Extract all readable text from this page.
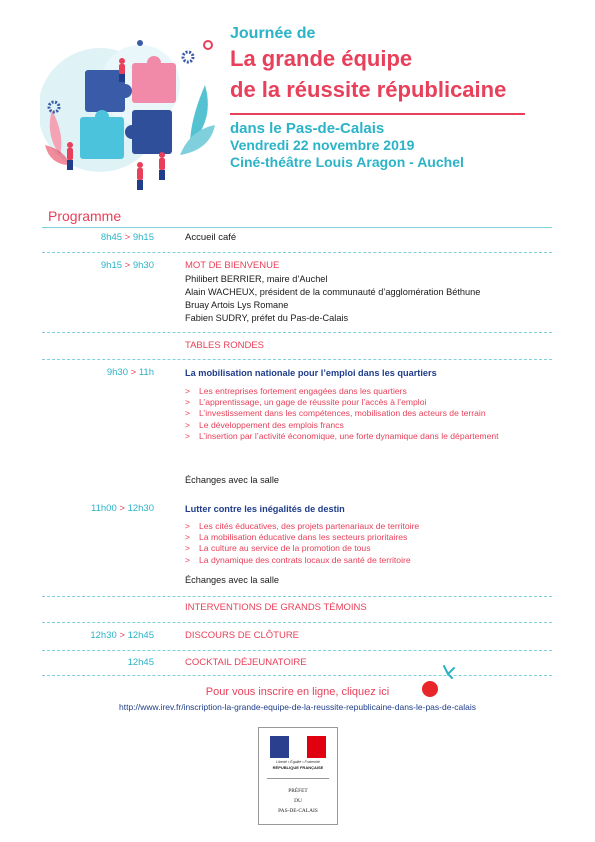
Journée de
La grande équipe
de la réussite républicaine
dans le Pas-de-Calais
Vendredi 22 novembre 2019
Ciné-théâtre Louis Aragon - Auchel
Programme
8h45 > 9h15	Accueil café
9h15 > 9h30	MOT DE BIENVENUE
Philibert BERRIER, maire d’Auchel
Alain WACHEUX, président de la communauté d’agglomération Béthune
Bruay Artois Lys Romane
Fabien SUDRY, préfet du Pas-de-Calais
TABLES RONDES
9h30 > 11h	La mobilisation nationale pour l’emploi dans les quartiers
> Les entreprises fortement engagées dans les quartiers
> L’apprentissage, un gage de réussite pour l’accès à l’emploi
> L’investissement dans les compétences, mobilisation des acteurs de terrain
> Le développement des emplois francs
> L’insertion par l’activité économique, une forte dynamique dans le département
Échanges avec la salle
11h00 > 12h30	Lutter contre les inégalités de destin
> Les cités éducatives, des projets partenariaux de territoire
> La mobilisation éducative dans les secteurs prioritaires
> La culture au service de la promotion de tous
> La dynamique des contrats locaux de santé de territoire
Échanges avec la salle
INTERVENTIONS DE GRANDS TÉMOINS
12h30 > 12h45	DISCOURS DE CLÔTURE
12h45	COCKTAIL DÉJEUNATOIRE
Pour vous inscrire en ligne, cliquez ici
http://www.irev.fr/inscription-la-grande-equipe-de-la-reussite-republicaine-dans-le-pas-de-calais
Liberté • Égalité • Fraternité
RÉPUBLIQUE FRANÇAISE
PRÉFET
DU
PAS-DE-CALAIS
